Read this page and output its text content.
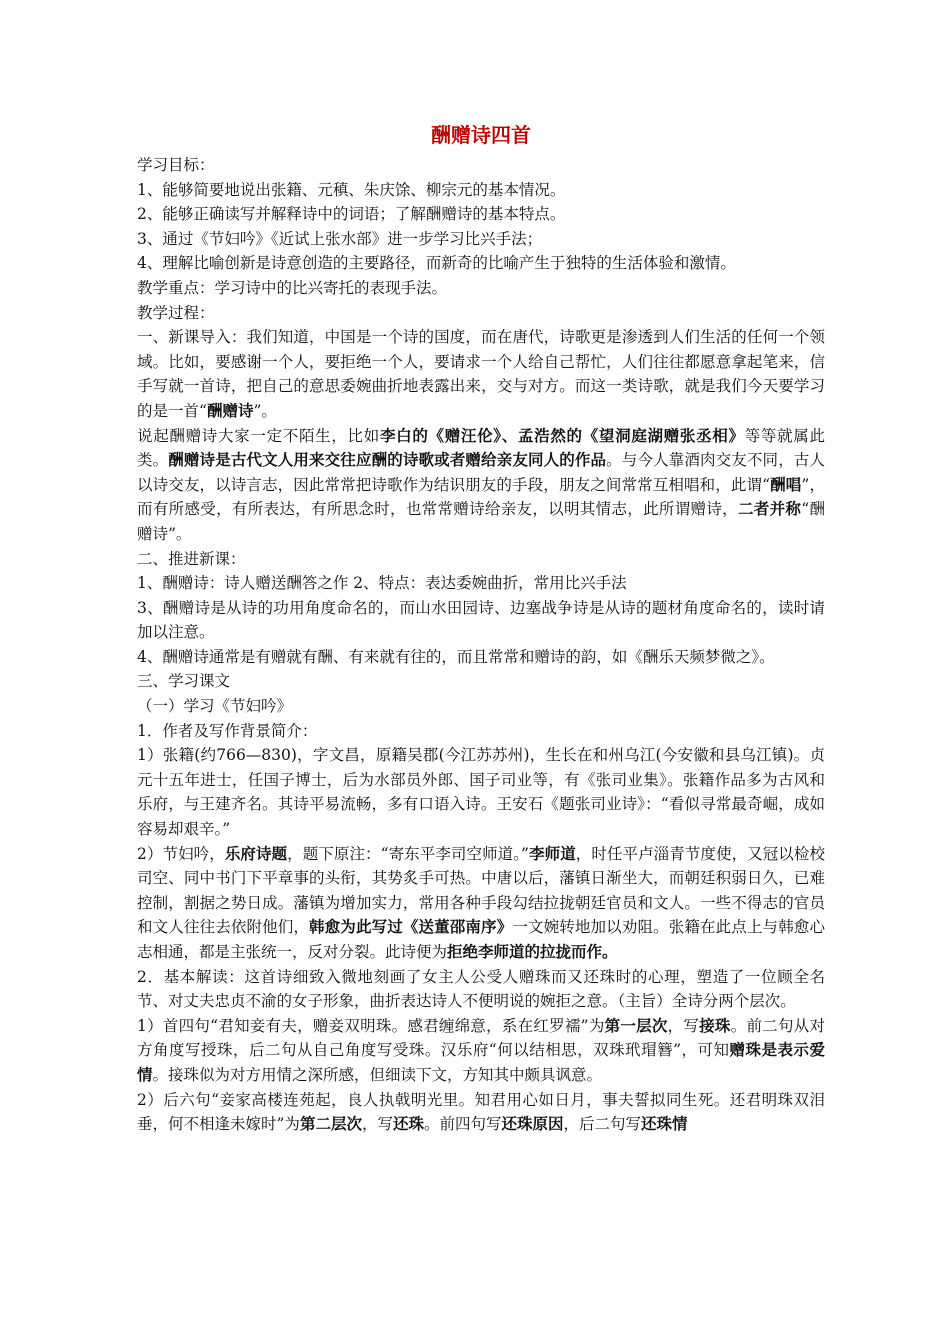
酬赠诗四首

学习目标：

1、能够简要地说出张籍、元稹、朱庆馀、柳宗元的基本情况。

2、能够正确读写并解释诗中的词语；了解酬赠诗的基本特点。

3、通过《节妇吟》《近试上张水部》进一步学习比兴手法；

4、理解比喻创新是诗意创造的主要路径，而新奇的比喻产生于独特的生活体验和激情。

教学重点：学习诗中的比兴寄托的表现手法。

教学过程：

一、新课导入：我们知道，中国是一个诗的国度，而在唐代，诗歌更是渗透到人们生活的任何一个领域。比如，要感谢一个人，要拒绝一个人，要请求一个人给自己帮忙，人们往往都愿意拿起笔来，信手写就一首诗，把自己的意思委婉曲折地表露出来，交与对方。而这一类诗歌，就是我们今天要学习的是一首“酬赠诗”。

说起酬赠诗大家一定不陌生，比如李白的《赠汪伦》、孟浩然的《望洞庭湖赠张丞相》等等就属此类。酬赠诗是古代文人用来交往应酬的诗歌或者赠给亲友同人的作品。与今人靠酒肉交友不同，古人以诗交友，以诗言志，因此常常把诗歌作为结识朋友的手段，朋友之间常常互相唱和，此谓“酬唱”，而有所感受，有所表达，有所思念时，也常常赠诗给亲友，以明其情志，此所谓赠诗，二者并称“酬赠诗”。

二、推进新课：

1、酬赠诗：诗人赠送酬答之作 2、特点：表达委婉曲折，常用比兴手法

3、酬赠诗是从诗的功用角度命名的，而山水田园诗、边塞战争诗是从诗的题材角度命名的，读时请加以注意。

4、酬赠诗通常是有赠就有酬、有来就有往的，而且常常和赠诗的韵，如《酬乐天频梦微之》。

三、学习课文

（一）学习《节妇吟》

1．作者及写作背景简介：

1）张籍(约766—830)，字文昌，原籍吴郡(今江苏苏州)，生长在和州乌江(今安徽和县乌江镇)。贞元十五年进士，任国子博士，后为水部员外郎、国子司业等，有《张司业集》。张籍作品多为古风和乐府，与王建齐名。其诗平易流畅，多有口语入诗。王安石《题张司业诗》：“看似寻常最奇崛，成如容易却艰辛。”

2）节妇吟，乐府诗题，题下原注：“寄东平李司空师道。”李师道，时任平卢淄青节度使，又冠以检校司空、同中书门下平章事的头衔，其势炙手可热。中唐以后，藩镇日渐坐大，而朝廷积弱日久，已难控制，割据之势日成。藩镇为增加实力，常用各种手段勾结拉拢朝廷官员和文人。一些不得志的官员和文人往往去依附他们，韩愈为此写过《送董邵南序》一文婉转地加以劝阻。张籍在此点上与韩愈心志相通，都是主张统一，反对分裂。此诗便为拒绝李师道的拉拢而作。

2．基本解读：这首诗细致入微地刻画了女主人公受人赠珠而又还珠时的心理，塑造了一位顾全名节、对丈夫忠贞不渝的女子形象，曲折表达诗人不便明说的婉拒之意。（主旨）全诗分两个层次。

1）首四句“君知妾有夫，赠妾双明珠。感君缠绵意，系在红罗襦”为第一层次，写接珠。前二句从对方角度写授珠，后二句从自己角度写受珠。汉乐府“何以结相思，双珠玳瑁簪”，可知赠珠是表示爱情。接珠似为对方用情之深所感，但细读下文，方知其中颇具讽意。

2）后六句“妾家高楼连苑起，良人执戟明光里。知君用心如日月，事夫誓拟同生死。还君明珠双泪垂，何不相逢未嫁时”为第二层次，写还珠。前四句写还珠原因，后二句写还珠情
